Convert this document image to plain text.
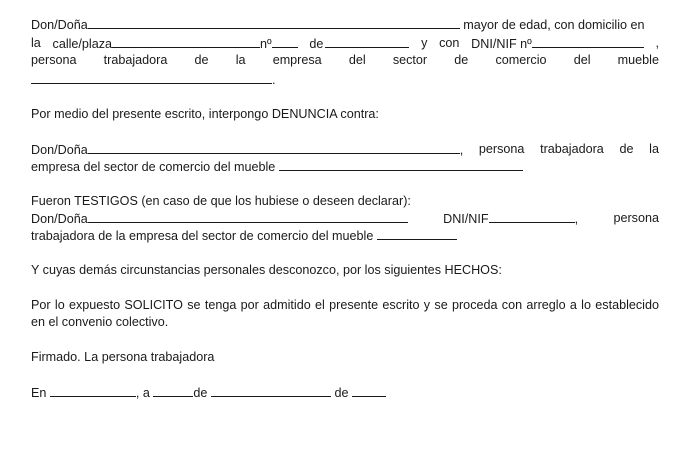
Don/Doña	mayor de edad, con domicilio en
la calle/plaza	nº	de	y con DNI/NIF nº	,
persona trabajadora de la empresa del sector de comercio del mueble
.
Por medio del presente escrito, interpongo DENUNCIA contra:
Don/Doña	, persona trabajadora de la
empresa del sector de comercio del mueble
Fueron TESTIGOS (en caso de que los hubiese o deseen declarar):
Don/Doña	DNI/NIF	,	persona
trabajadora de la empresa del sector de comercio del mueble
Y cuyas demás circunstancias personales desconozco, por los siguientes HECHOS:
Por lo expuesto SOLICITO se tenga por admitido el presente escrito y se proceda con arreglo a lo establecido
en el convenio colectivo.
Firmado. La persona trabajadora
En	, a	de	de
